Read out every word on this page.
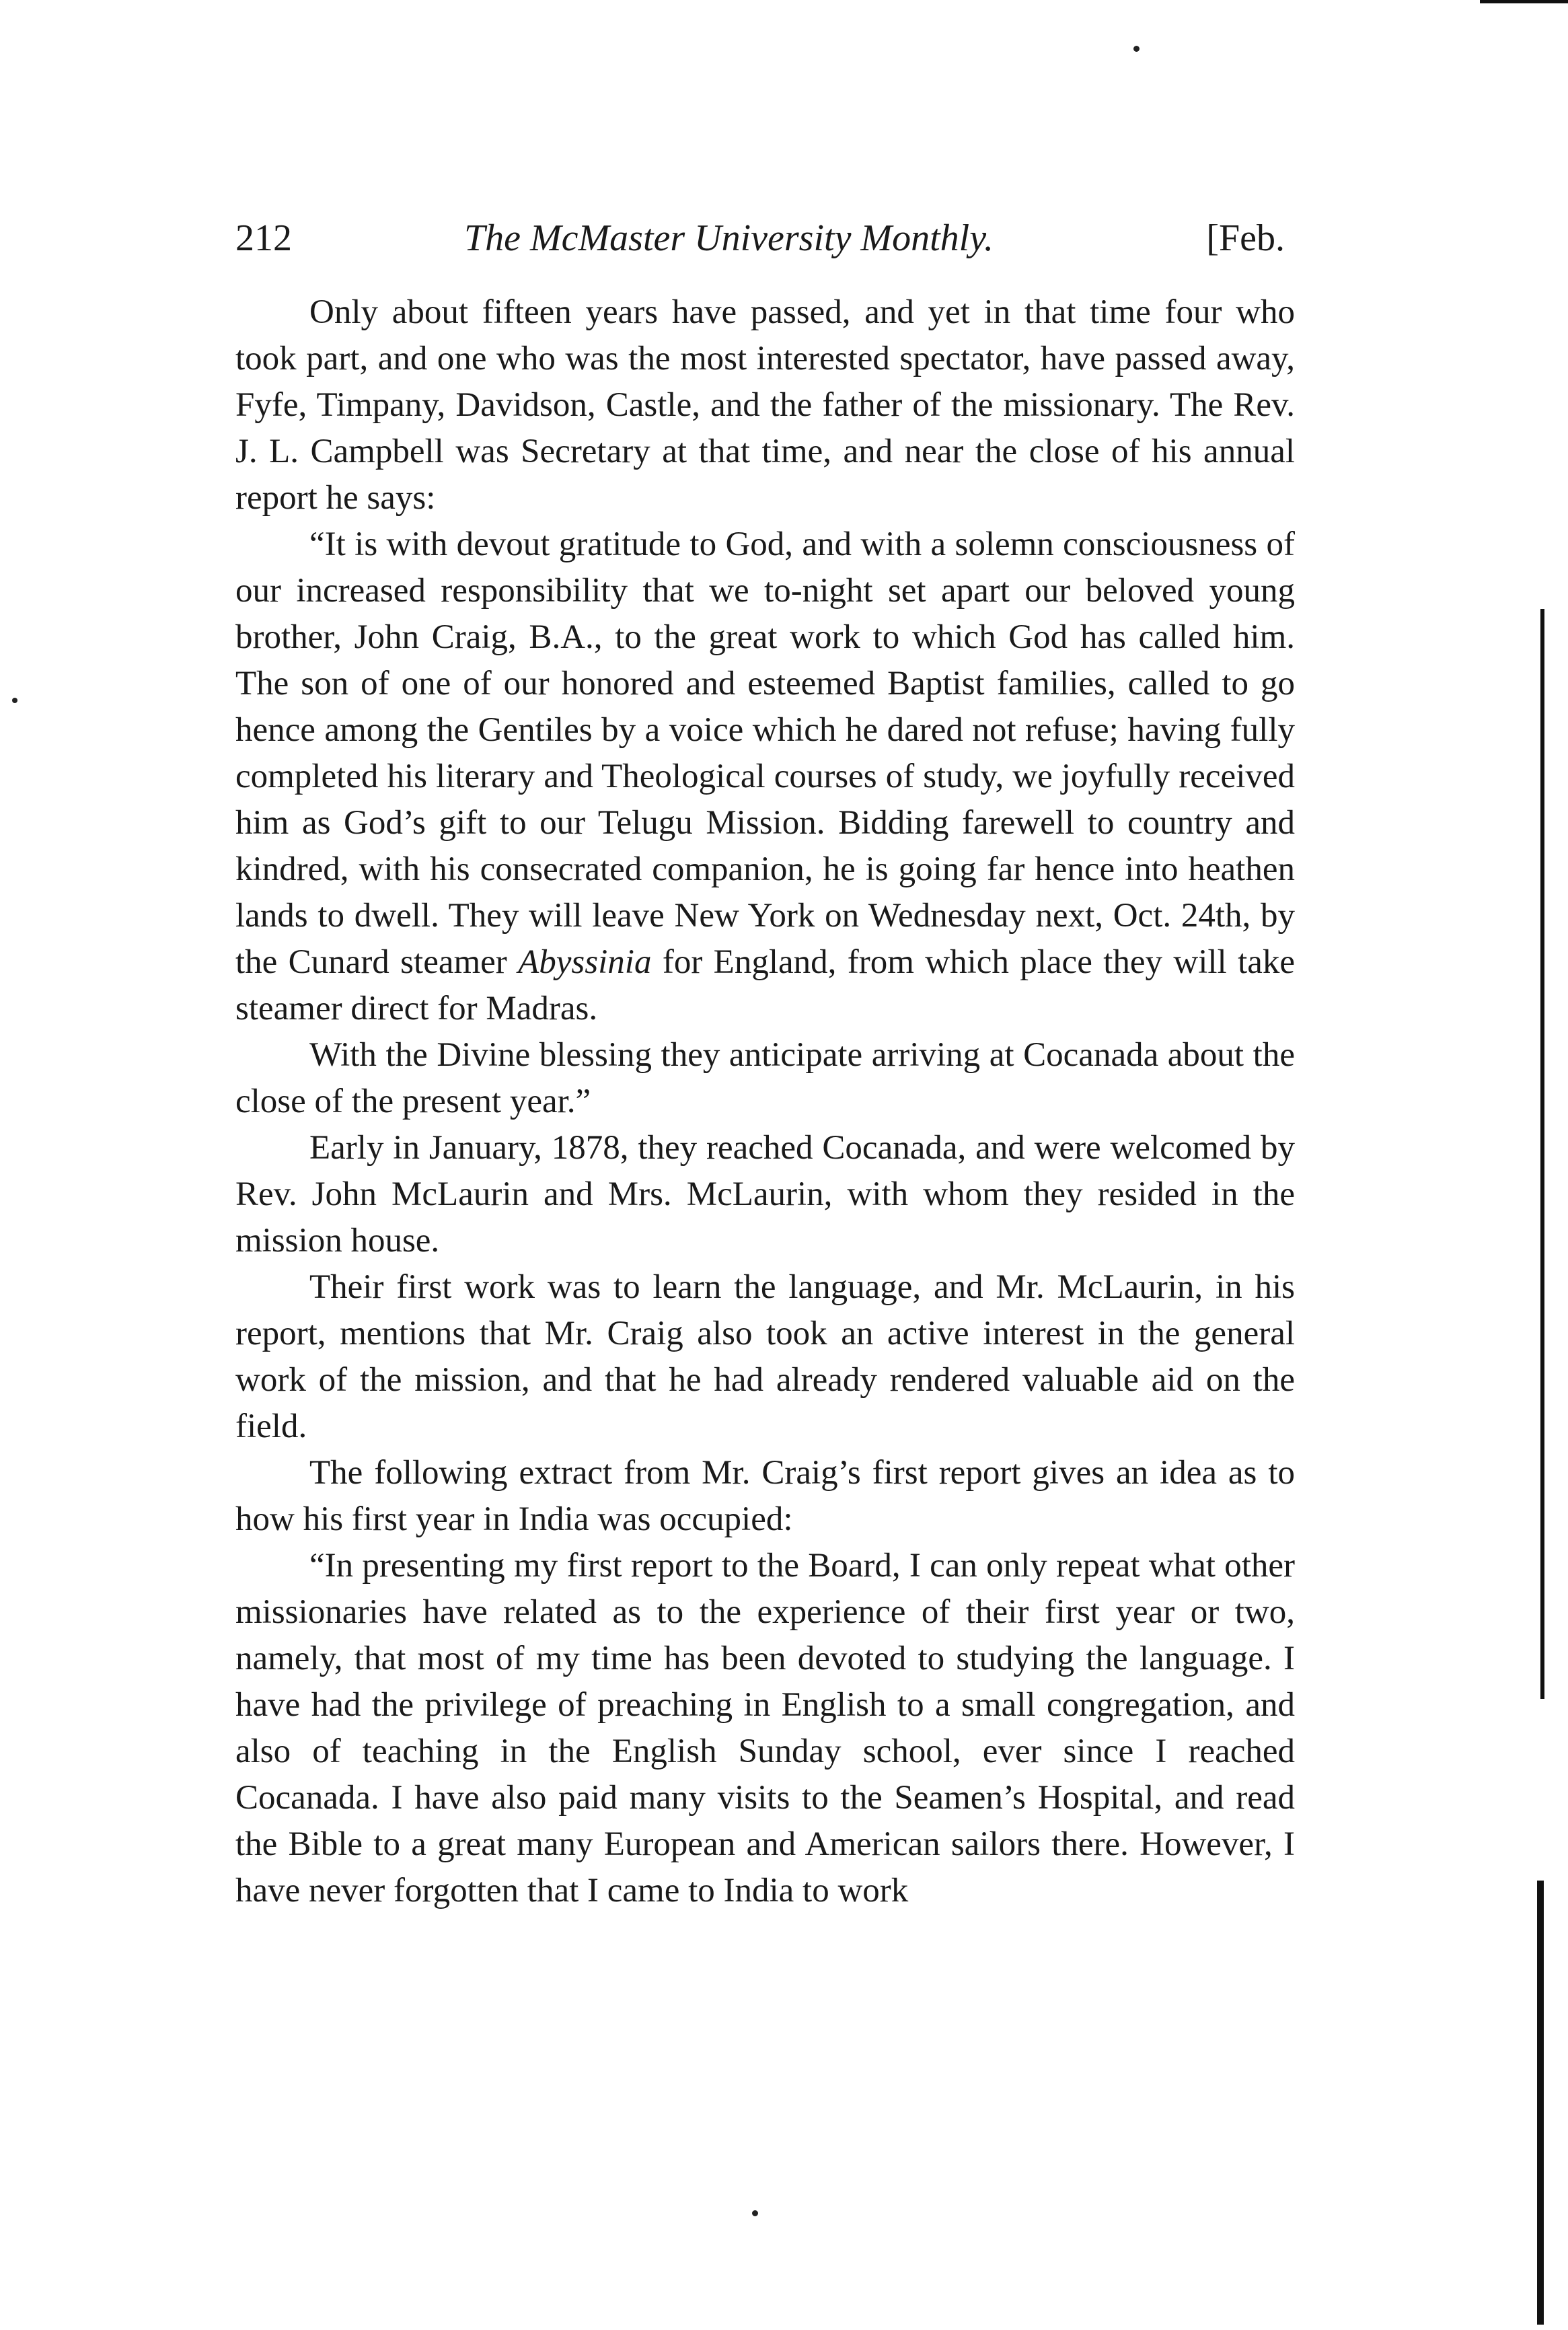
212	The McMaster University Monthly.	[Feb.

Only about fifteen years have passed, and yet in that time four who took part, and one who was the most interested spectator, have passed away, Fyfe, Timpany, Davidson, Castle, and the father of the missionary. The Rev. J. L. Campbell was Secretary at that time, and near the close of his annual report he says:

“It is with devout gratitude to God, and with a solemn consciousness of our increased responsibility that we to-night set apart our beloved young brother, John Craig, B.A., to the great work to which God has called him. The son of one of our honored and esteemed Baptist families, called to go hence among the Gentiles by a voice which he dared not refuse; having fully completed his literary and Theological courses of study, we joyfully received him as God’s gift to our Telugu Mission. Bidding farewell to country and kindred, with his consecrated companion, he is going far hence into heathen lands to dwell. They will leave New York on Wednesday next, Oct. 24th, by the Cunard steamer Abyssinia for England, from which place they will take steamer direct for Madras.

With the Divine blessing they anticipate arriving at Cocanada about the close of the present year.”

Early in January, 1878, they reached Cocanada, and were welcomed by Rev. John McLaurin and Mrs. McLaurin, with whom they resided in the mission house.

Their first work was to learn the language, and Mr. McLaurin, in his report, mentions that Mr. Craig also took an active interest in the general work of the mission, and that he had already rendered valuable aid on the field.

The following extract from Mr. Craig’s first report gives an idea as to how his first year in India was occupied:

“In presenting my first report to the Board, I can only repeat what other missionaries have related as to the experience of their first year or two, namely, that most of my time has been devoted to studying the language. I have had the privilege of preaching in English to a small congregation, and also of teaching in the English Sunday school, ever since I reached Cocanada. I have also paid many visits to the Seamen’s Hospital, and read the Bible to a great many European and American sailors there. However, I have never forgotten that I came to India to work
